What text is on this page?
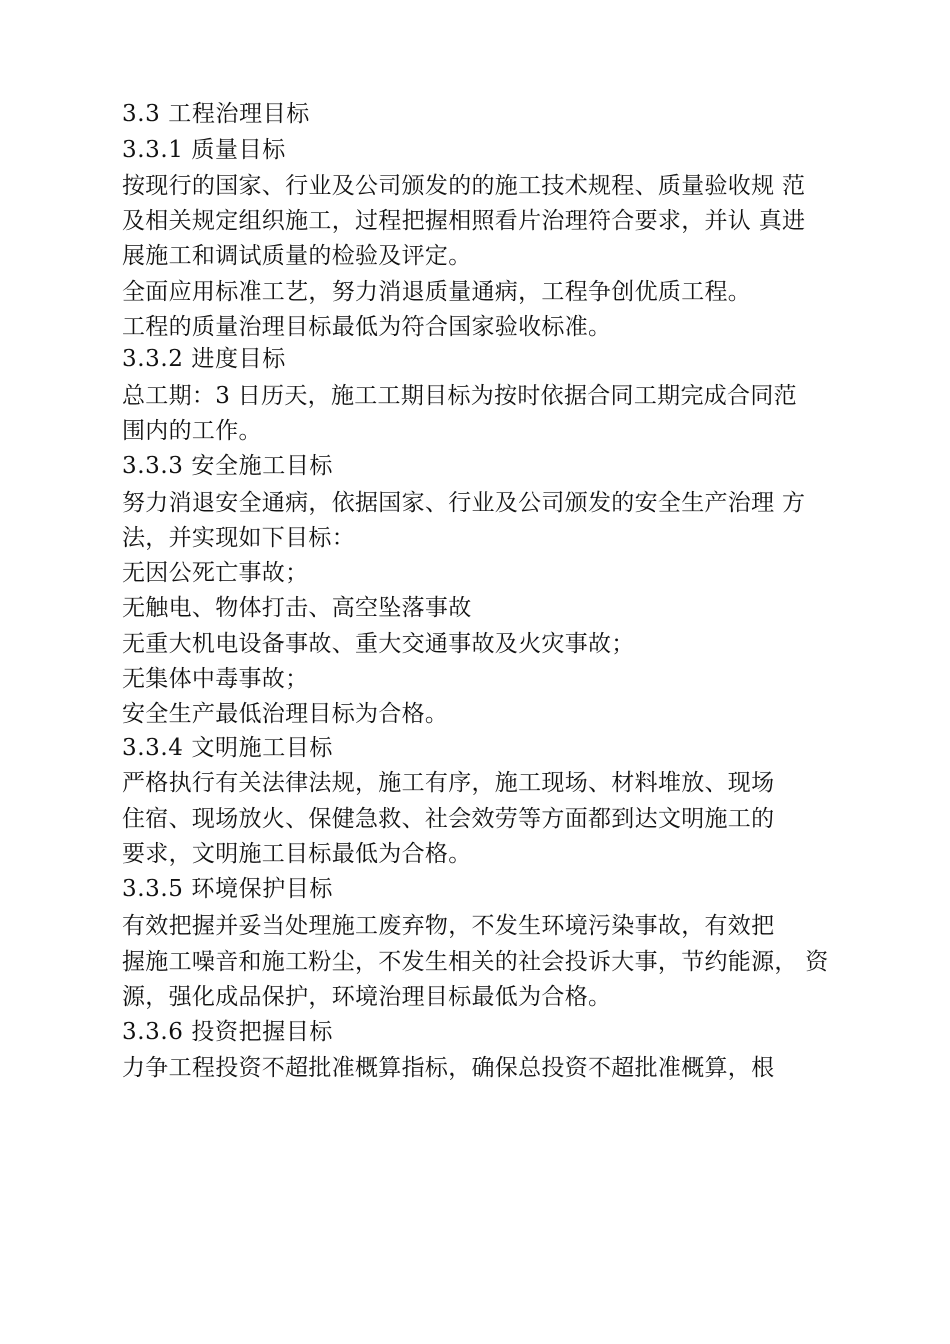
3.3 工程治理目标
3.3.1 质量目标
按现行的国家、行业及公司颁发的的施工技术规程、质量验收规 范
及相关规定组织施工，过程把握相照看片治理符合要求，并认 真进
展施工和调试质量的检验及评定。
全面应用标准工艺，努力消退质量通病，工程争创优质工程。
工程的质量治理目标最低为符合国家验收标准。
3.3.2 进度目标
总工期：3 日历天，施工工期目标为按时依据合同工期完成合同范
围内的工作。
3.3.3 安全施工目标
努力消退安全通病，依据国家、行业及公司颁发的安全生产治理 方
法，并实现如下目标：
无因公死亡事故；
无触电、物体打击、高空坠落事故
无重大机电设备事故、重大交通事故及火灾事故；
无集体中毒事故；
安全生产最低治理目标为合格。
3.3.4 文明施工目标
严格执行有关法律法规，施工有序，施工现场、材料堆放、现场
住宿、现场放火、保健急救、社会效劳等方面都到达文明施工的
要求，文明施工目标最低为合格。
3.3.5 环境保护目标
有效把握并妥当处理施工废弃物，不发生环境污染事故，有效把
握施工噪音和施工粉尘，不发生相关的社会投诉大事，节约能源， 资
源，强化成品保护，环境治理目标最低为合格。
3.3.6 投资把握目标
力争工程投资不超批准概算指标，确保总投资不超批准概算，根
